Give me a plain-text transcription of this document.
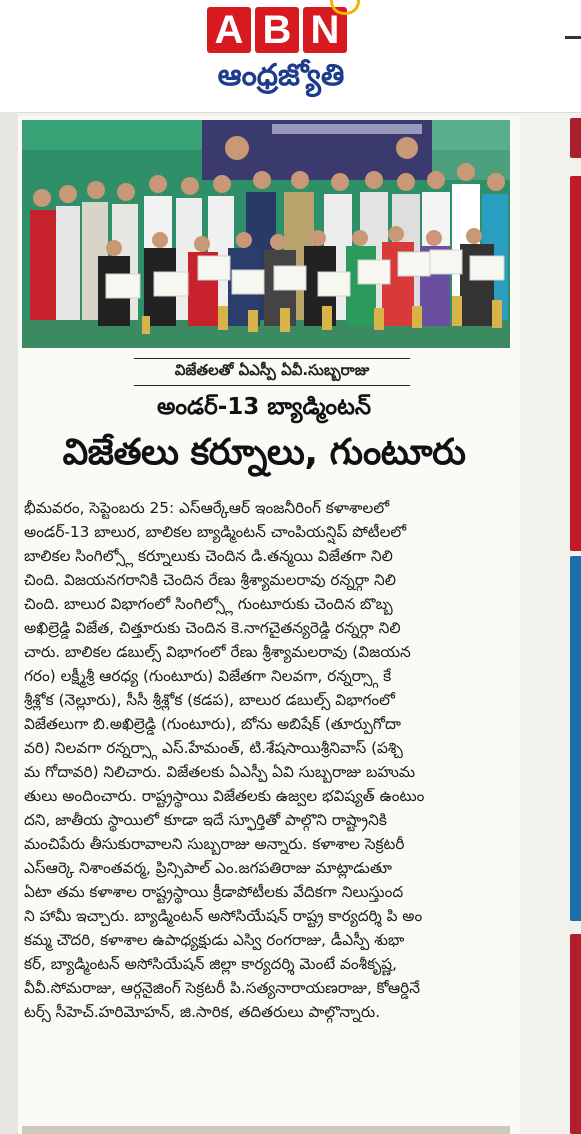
A B N
ఆంధ్రజ్యోతి
విజేతలతో ఏఎస్పీ ఏవీ.సుబ్బరాజు
అండర్-13 బ్యాడ్మింటన్
విజేతలు కర్నూలు, గుంటూరు

భీమవరం, సెప్టెంబరు 25: ఎస్ఆర్కేఆర్ ఇంజనీరింగ్ కళాశాలలో

అండర్-13 బాలుర, బాలికల బ్యాడ్మింటన్ చాంపియన్షిప్ పోటీలలో

బాలికల సింగిల్స్లో కర్నూలుకు చెందిన డి.తన్మయి విజేతగా నిలి

చింది. విజయనగరానికి చెందిన రేణు శ్రీశ్యామలరావు రన్నర్గా నిలి

చింది. బాలుర విభాగంలో సింగిల్స్లో గుంటూరుకు చెందిన బొబ్బ

అఖిల్రెడ్డి విజేత, చిత్తూరుకు చెందిన కె.నాగచైతన్యరెడ్డి రన్నర్గా నిలి

చారు. బాలికల డబుల్స్ విభాగంలో రేణు శ్రీశ్యామలరావు (విజయన

గరం) లక్ష్మీశ్రీ ఆరధ్య (గుంటూరు) విజేతగా నిలవగా, రన్నర్స్గా కే

శ్రీశ్లోక (నెల్లూరు), సీసీ శ్రీశ్లోక (కడప), బాలుర డబుల్స్ విభాగంలో

విజేతలుగా బి.అఖిల్రెడ్డి (గుంటూరు), బోను అబిషేక్ (తూర్పుగోదా

వరి) నిలవగా రన్నర్స్గా ఎస్.హేమంత్, టి.శేషసాయిశ్రీనివాస్ (పశ్చి

మ గోదావరి) నిలిచారు. విజేతలకు ఏఎస్పీ ఏవి సుబ్బరాజు బహుమ

తులు అందించారు. రాష్ట్రస్థాయి విజేతలకు ఉజ్వల భవిష్యత్ ఉంటుం

దని, జాతీయ స్థాయిలో కూడా ఇదే స్ఫూర్తితో పాల్గొని రాష్ట్రానికి

మంచిపేరు తీసుకురావాలని సుబ్బరాజు అన్నారు. కళాశాల సెక్రటరీ

ఎస్ఆర్కె నిశాంతవర్మ, ప్రిన్సిపాల్ ఎం.జగపతిరాజు మాట్లాడుతూ

ఏటా తమ కళాశాల రాష్ట్రస్థాయి క్రీడాపోటీలకు వేదికగా నిలుస్తుంద

ని హామీ ఇచ్చారు. బ్యాడ్మింటన్ అసోసియేషన్ రాష్ట్ర కార్యదర్శి పి అం

కమ్మ చౌదరి, కళాశాల ఉపాధ్యక్షుడు ఎస్వి రంగరాజు, డీఎస్పీ శుభా

కర్, బ్యాడ్మింటన్ అసోసియేషన్ జిల్లా కార్యదర్శి మెంటే వంశీకృష్ణ,

వీవీ.సోమరాజు, ఆర్గనైజింగ్ సెక్రటరీ పి.సత్యనారాయణరాజు, కోఆర్డినే

టర్స్ సీహెచ్.హరిమోహన్, జి.సారిక, తదితరులు పాల్గొన్నారు.
